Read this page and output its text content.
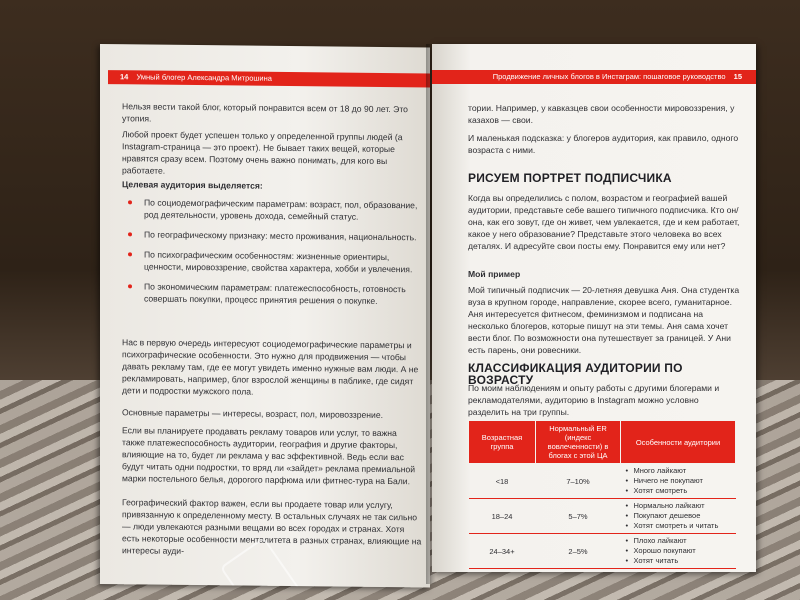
14 Умный блогер Александра Митрошина
Нельзя вести такой блог, который понравится всем от 18 до 90 лет. Это утопия.
Любой проект будет успешен только у определенной группы людей (а Instagram-страница — это проект). Не бывает таких вещей, которые нравятся сразу всем. Поэтому очень важно понимать, для кого вы работаете.
Целевая аудитория выделяется:
По социодемографическим параметрам: возраст, пол, образование, род деятельности, уровень дохода, семейный статус.
По географическому признаку: место проживания, национальность.
По психографическим особенностям: жизненные ориентиры, ценности, мировоззрение, свойства характера, хобби и увлечения.
По экономическим параметрам: платежеспособность, готовность совершать покупки, процесс принятия решения о покупке.
Нас в первую очередь интересуют социодемографические параметры и психографические особенности. Это нужно для продвижения — чтобы давать рекламу там, где ее могут увидеть именно нужные вам люди. А не рекламировать, например, блог взрослой женщины в паблике, где сидят дети и подростки мужского пола.
Основные параметры — интересы, возраст, пол, мировоззрение.
Если вы планируете продавать рекламу товаров или услуг, то важна также платежеспособность аудитории, география и другие факторы, влияющие на то, будет ли реклама у вас эффективной. Ведь если вас будут читать одни подростки, то вряд ли «зайдет» реклама премиальной марки постельного белья, дорогого парфюма или фитнес-тура на Бали.
Географический фактор важен, если вы продаете товар или услугу, привязанную к определенному месту. В остальных случаях не так сильно — люди увлекаются разными вещами во всех городах и странах. Хотя есть некоторые особенности менталитета в разных странах, влияющие на интересы ауди-
Продвижение личных блогов в Инстаграм: пошаговое руководство 15
тории. Например, у кавказцев свои особенности мировоззрения, у казахов — свои.
И маленькая подсказка: у блогеров аудитория, как правило, одного возраста с ними.
РИСУЕМ ПОРТРЕТ ПОДПИСЧИКА
Когда вы определились с полом, возрастом и географией вашей аудитории, представьте себе вашего типичного подписчика. Кто он/она, как его зовут, где он живет, чем увлекается, где и кем работает, какое у него образование? Представьте этого человека во всех деталях. И адресуйте свои посты ему. Понравится ему или нет?
Мой пример
Мой типичный подписчик — 20-летняя девушка Аня. Она студентка вуза в крупном городе, направление, скорее всего, гуманитарное. Аня интересуется фитнесом, феминизмом и подписана на несколько блогеров, которые пишут на эти темы. Аня сама хочет вести блог. По возможности она путешествует за границей. У Ани есть парень, они ровесники.
КЛАССИФИКАЦИЯ АУДИТОРИИ ПО ВОЗРАСТУ
По моим наблюдениям и опыту работы с другими блогерами и рекламодателями, аудиторию в Instagram можно условно разделить на три группы.
Возрастная группа	Нормальный ER (индекс вовлеченности) в блогах с этой ЦА	Особенности аудитории
<18	7–10%	• Много лайкают
• Ничего не покупают
• Хотят смотреть

18–24	5–7%	• Нормально лайкают
• Покупают дешевое
• Хотят смотреть и читать

24–34+	2–5%	• Плохо лайкают
• Хорошо покупают
• Хотят читать
